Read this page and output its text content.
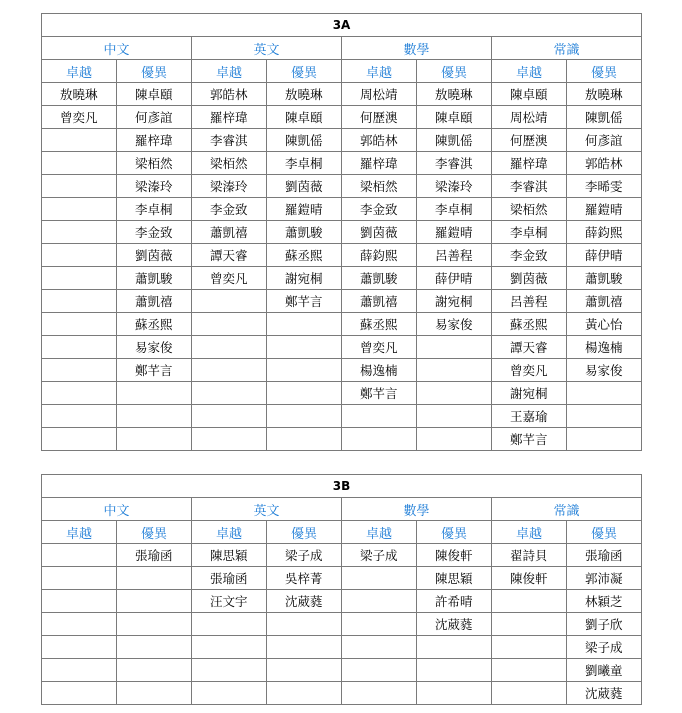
3A							
中文		英文		數學		常識	
卓越	優異	卓越	優異	卓越	優異	卓越	優異
敖曉琳	陳卓頤	郭皓林	敖曉琳	周松靖	敖曉琳	陳卓頤	敖曉琳
曾奕凡	何彥誼	羅梓瑋	陳卓頤	何歷澳	陳卓頤	周松靖	陳凱傜
	羅梓瑋	李睿淇	陳凱傜	郭皓林	陳凱傜	何歷澳	何彥誼
	梁栢然	梁栢然	李卓桐	羅梓瑋	李睿淇	羅梓瑋	郭皓林
	梁溱玲	梁溱玲	劉茵薇	梁栢然	梁溱玲	李睿淇	李晞雯
	李卓桐	李金致	羅鎧晴	李金致	李卓桐	梁栢然	羅鎧晴
	李金致	蕭凱禧	蕭凱駿	劉茵薇	羅鎧晴	李卓桐	薛鈞熙
	劉茵薇	譚天睿	蘇丞熙	薛鈞熙	呂善程	李金致	薛伊晴
	蕭凱駿	曾奕凡	謝宛桐	蕭凱駿	薛伊晴	劉茵薇	蕭凱駿
	蕭凱禧		鄭芊言	蕭凱禧	謝宛桐	呂善程	蕭凱禧
	蘇丞熙			蘇丞熙	易家俊	蘇丞熙	黃心怡
	易家俊			曾奕凡		譚天睿	楊逸楠
	鄭芊言			楊逸楠		曾奕凡	易家俊
				鄭芊言		謝宛桐	
						王嘉瑜	
						鄭芊言	
3B							
中文		英文		數學		常識	
卓越	優異	卓越	優異	卓越	優異	卓越	優異
	張瑜函	陳思穎	梁子成	梁子成	陳俊軒	翟詩貝	張瑜函
		張瑜函	吳梓菁		陳思穎	陳俊軒	郭沛凝
		汪文宇	沈葳蕤		許希晴		林穎芝
					沈葳蕤		劉子欣
							梁子成
							劉曦童
							沈葳蕤
